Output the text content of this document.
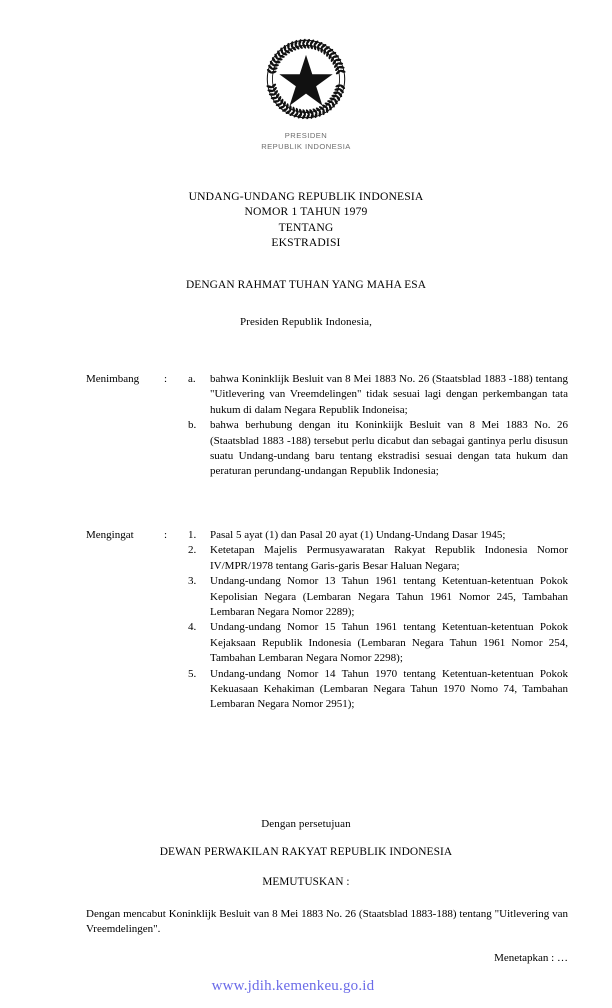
PRESIDEN
REPUBLIK INDONESIA
UNDANG-UNDANG REPUBLIK INDONESIA
NOMOR 1 TAHUN 1979
TENTANG
EKSTRADISI
DENGAN RAHMAT TUHAN YANG MAHA ESA
Presiden Republik Indonesia,
Menimbang	:	a.	bahwa Koninklijk Besluit van 8 Mei 1883 No. 26 (Staatsblad 1883 -188) tentang "Uitlevering van Vreemdelingen" tidak sesuai lagi dengan perkembangan tata hukum di dalam Negara Republik Indoneisa;
b.	bahwa berhubung dengan itu Koninkiijk Besluit van 8 Mei 1883 No. 26 (Staatsblad 1883 -188) tersebut perlu dicabut dan sebagai gantinya perlu disusun suatu Undang-undang baru tentang ekstradisi sesuai dengan tata hukum dan peraturan perundang-undangan Republik Indonesia;
Mengingat	:	1.	Pasal 5 ayat (1) dan Pasal 20 ayat (1) Undang-Undang Dasar 1945;
2.	Ketetapan Majelis Permusyawaratan Rakyat Republik Indonesia Nomor IV/MPR/1978 tentang Garis-garis Besar Haluan Negara;
3.	Undang-undang Nomor 13 Tahun 1961 tentang Ketentuan-ketentuan Pokok Kepolisian Negara (Lembaran Negara Tahun 1961 Nomor 245, Tambahan Lembaran Negara Nomor 2289);
4.	Undang-undang Nomor 15 Tahun 1961 tentang Ketentuan-ketentuan Pokok Kejaksaan Republik Indonesia (Lembaran Negara Tahun 1961 Nomor 254, Tambahan Lembaran Negara Nomor 2298);
5.	Undang-undang Nomor 14 Tahun 1970 tentang Ketentuan-ketentuan Pokok Kekuasaan Kehakiman (Lembaran Negara Tahun 1970 Nomo 74, Tambahan Lembaran Negara Nomor 2951);
Dengan persetujuan
DEWAN PERWAKILAN RAKYAT REPUBLIK INDONESIA
MEMUTUSKAN :
Dengan mencabut Koninklijk Besluit van 8 Mei 1883 No. 26 (Staatsblad 1883-188) tentang "Uitlevering van Vreemdelingen".
Menetapkan : …
www.jdih.kemenkeu.go.id
